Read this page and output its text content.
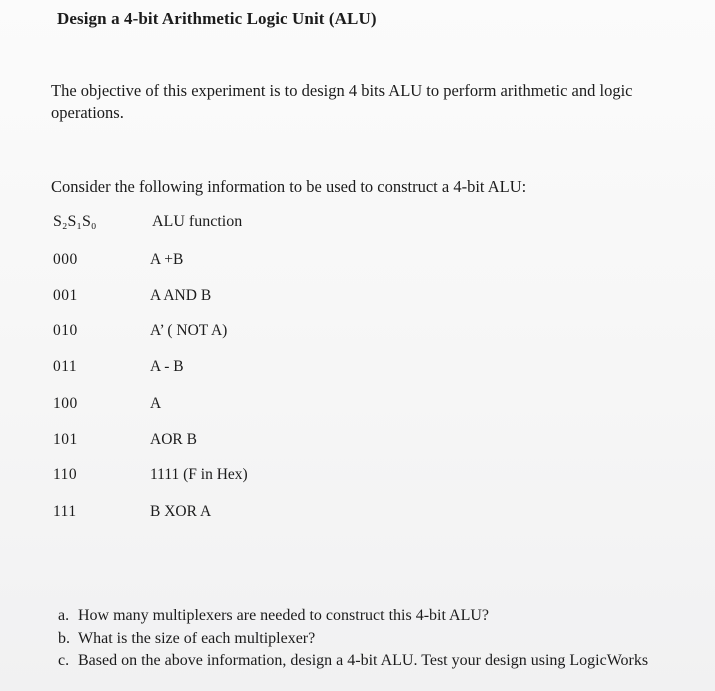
Design a 4-bit Arithmetic Logic Unit (ALU)
The objective of this experiment is to design 4 bits ALU to perform arithmetic and logic operations.
Consider the following information to be used to construct a 4-bit ALU:
S₂S₁S₀	ALU function
000	A +B
001	A AND B
010	A’ ( NOT A)
011	A - B
100	A
101	AOR B
110	1111 (F in Hex)
111	B XOR A
a. How many multiplexers are needed to construct this 4-bit ALU?
b. What is the size of each multiplexer?
c. Based on the above information, design a 4-bit ALU. Test your design using LogicWorks
